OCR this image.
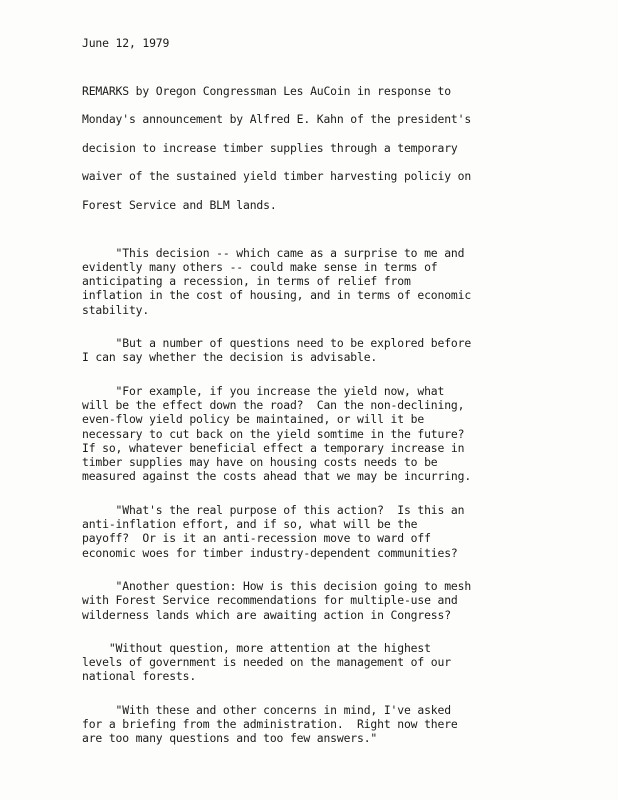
June 12, 1979

REMARKS by Oregon Congressman Les AuCoin in response to

Monday's announcement by Alfred E. Kahn of the president's

decision to increase timber supplies through a temporary

waiver of the sustained yield timber harvesting policiy on

Forest Service and BLM lands.

"This decision -- which came as a surprise to me and
evidently many others -- could make sense in terms of
anticipating a recession, in terms of relief from
inflation in the cost of housing, and in terms of economic
stability.
"But a number of questions need to be explored before
I can say whether the decision is advisable.
"For example, if you increase the yield now, what
will be the effect down the road?  Can the non-declining,
even-flow yield policy be maintained, or will it be
necessary to cut back on the yield somtime in the future?
If so, whatever beneficial effect a temporary increase in
timber supplies may have on housing costs needs to be
measured against the costs ahead that we may be incurring.
"What's the real purpose of this action?  Is this an
anti-inflation effort, and if so, what will be the
payoff?  Or is it an anti-recession move to ward off
economic woes for timber industry-dependent communities?
"Another question: How is this decision going to mesh
with Forest Service recommendations for multiple-use and
wilderness lands which are awaiting action in Congress?
"Without question, more attention at the highest
levels of government is needed on the management of our
national forests.
"With these and other concerns in mind, I've asked
for a briefing from the administration.  Right now there
are too many questions and too few answers."
